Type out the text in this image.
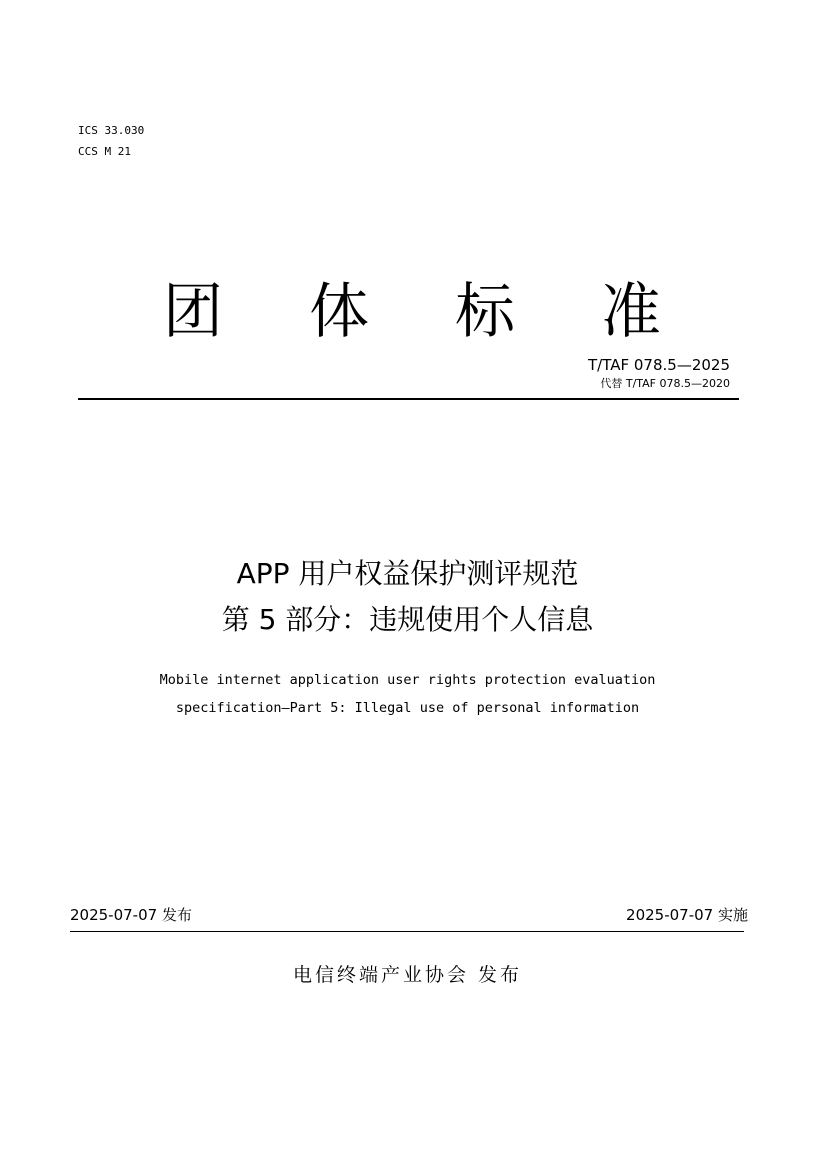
ICS 33.030
CCS M 21
团 体 标 准
T/TAF 078.5—2025
代替 T/TAF 078.5—2020
APP 用户权益保护测评规范
第 5 部分：违规使用个人信息
Mobile internet application user rights protection evaluation
specification—Part 5: Illegal use of personal information
2025-07-07 发布	2025-07-07 实施
电信终端产业协会 发布
